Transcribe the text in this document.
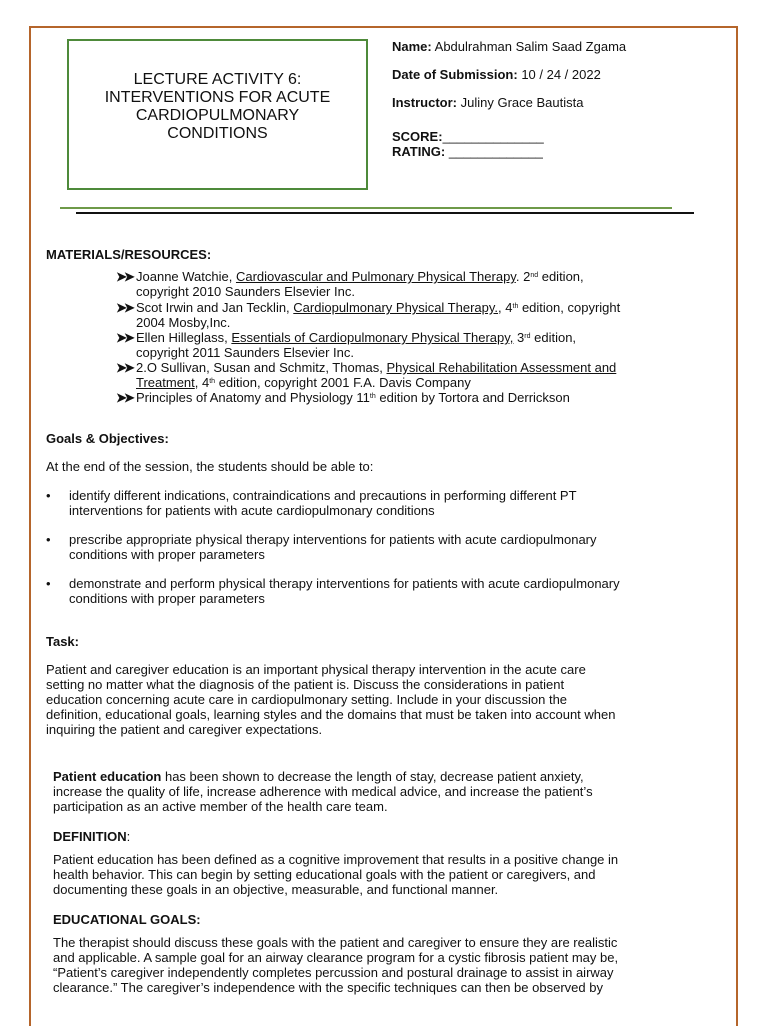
LECTURE ACTIVITY 6:
INTERVENTIONS FOR ACUTE
CARDIOPULMONARY
CONDITIONS
Name: Abdulrahman Salim Saad Zgama
Date of Submission: 10 / 24 / 2022
Instructor: Juliny Grace Bautista
SCORE:______________
RATING: _____________
MATERIALS/RESOURCES:
➤➤ Joanne Watchie, Cardiovascular and Pulmonary Physical Therapy. 2nd edition,
copyright 2010 Saunders Elsevier Inc.
➤➤ Scot Irwin and Jan Tecklin, Cardiopulmonary Physical Therapy., 4th edition, copyright
2004 Mosby,Inc.
➤➤ Ellen Hilleglass, Essentials of Cardiopulmonary Physical Therapy, 3rd edition,
copyright 2011 Saunders Elsevier Inc.
➤➤ 2.O Sullivan, Susan and Schmitz, Thomas, Physical Rehabilitation Assessment and
Treatment, 4th edition, copyright 2001 F.A. Davis Company
➤➤ Principles of Anatomy and Physiology 11th edition by Tortora and Derrickson
Goals & Objectives:
At the end of the session, the students should be able to:
• identify different indications, contraindications and precautions in performing different PT
interventions for patients with acute cardiopulmonary conditions
• prescribe appropriate physical therapy interventions for patients with acute cardiopulmonary
conditions with proper parameters
• demonstrate and perform physical therapy interventions for patients with acute cardiopulmonary
conditions with proper parameters
Task:
Patient and caregiver education is an important physical therapy intervention in the acute care
setting no matter what the diagnosis of the patient is. Discuss the considerations in patient
education concerning acute care in cardiopulmonary setting. Include in your discussion the
definition, educational goals, learning styles and the domains that must be taken into account when
inquiring the patient and caregiver expectations.
Patient education has been shown to decrease the length of stay, decrease patient anxiety,
increase the quality of life, increase adherence with medical advice, and increase the patient’s
participation as an active member of the health care team.
DEFINITION:
Patient education has been defined as a cognitive improvement that results in a positive change in
health behavior. This can begin by setting educational goals with the patient or caregivers, and
documenting these goals in an objective, measurable, and functional manner.
EDUCATIONAL GOALS:
The therapist should discuss these goals with the patient and caregiver to ensure they are realistic
and applicable. A sample goal for an airway clearance program for a cystic fibrosis patient may be,
“Patient’s caregiver independently completes percussion and postural drainage to assist in airway
clearance.” The caregiver’s independence with the specific techniques can then be observed by
